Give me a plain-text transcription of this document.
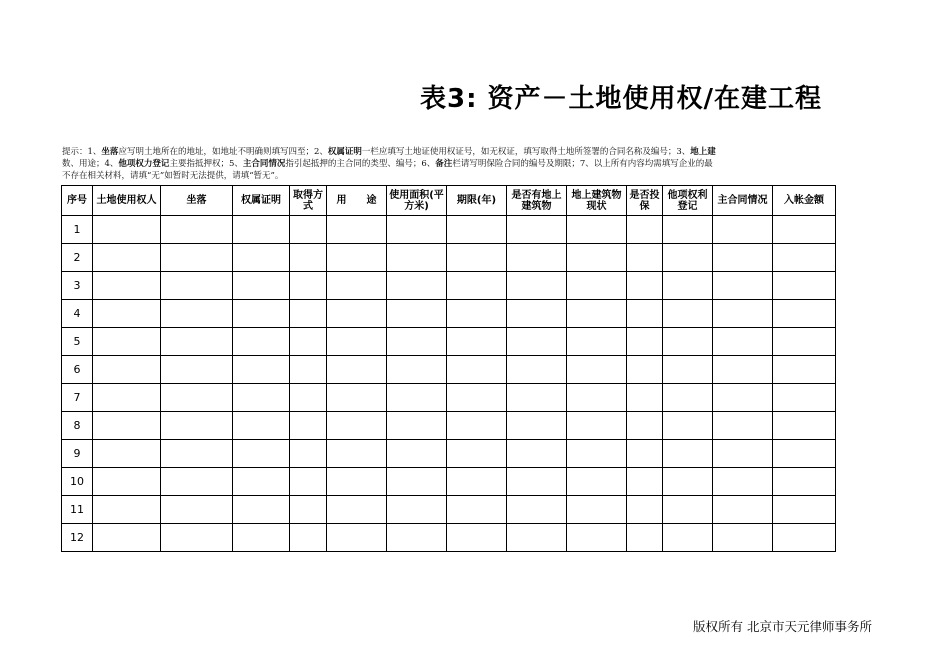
表3: 资产－土地使用权/在建工程
提示：1、坐落应写明土地所在的地址，如地址不明确则填写四至；2、权属证明一栏应填写土地证使用权证号，如无权证，填写取得土地所签署的合同名称及编号；3、地上建
数、用途；4、他项权力登记主要指抵押权；5、主合同情况指引起抵押的主合同的类型、编号；6、备注栏请写明保险合同的编号及期限；7、以上所有内容均需填写企业的最
不存在相关材料，请填“无”如暂时无法提供，请填“暂无”。
序号	土地使用权人	坐落	权属证明	取得方式	用　　途	使用面积(平方米)	期限(年)	是否有地上建筑物	地上建筑物现状	是否投保	他项权利登记	主合同情况	入帐金额
1													
2													
3													
4													
5													
6													
7													
8													
9													
10													
11													
12													
版权所有 北京市天元律师事务所
